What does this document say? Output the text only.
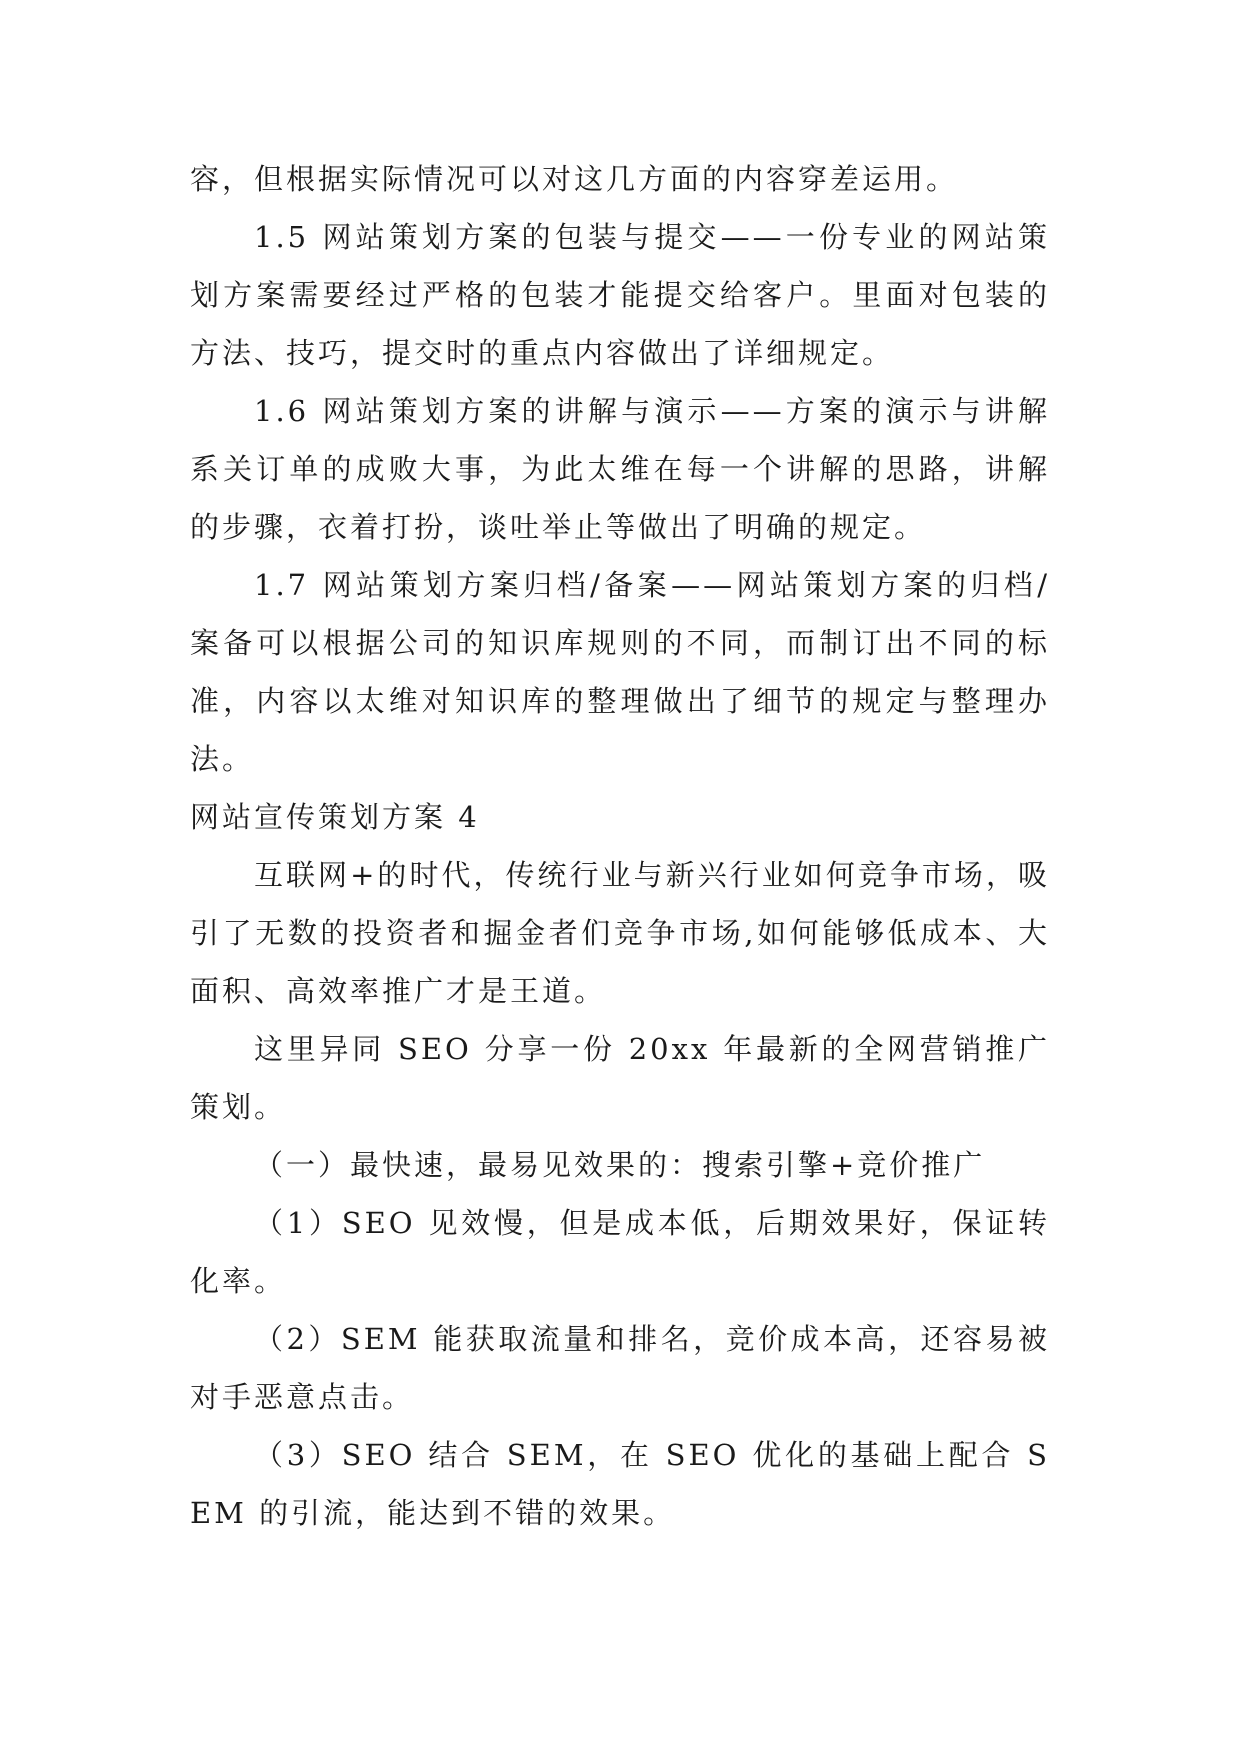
容，但根据实际情况可以对这几方面的内容穿差运用。

1.5 网站策划方案的包装与提交——一份专业的网站策划方案需要经过严格的包装才能提交给客户。里面对包装的方法、技巧，提交时的重点内容做出了详细规定。

1.6 网站策划方案的讲解与演示——方案的演示与讲解系关订单的成败大事，为此太维在每一个讲解的思路，讲解的步骤，衣着打扮，谈吐举止等做出了明确的规定。

1.7 网站策划方案归档/备案——网站策划方案的归档/案备可以根据公司的知识库规则的不同，而制订出不同的标准，内容以太维对知识库的整理做出了细节的规定与整理办法。

网站宣传策划方案 4

互联网+的时代，传统行业与新兴行业如何竞争市场，吸引了无数的投资者和掘金者们竞争市场,如何能够低成本、大面积、高效率推广才是王道。

这里异同 SEO 分享一份 20xx 年最新的全网营销推广策划。

（一）最快速，最易见效果的：搜索引擎+竞价推广

（1）SEO 见效慢，但是成本低，后期效果好，保证转化率。

（2）SEM 能获取流量和排名，竞价成本高，还容易被对手恶意点击。

（3）SEO 结合 SEM，在 SEO 优化的基础上配合 SEM 的引流，能达到不错的效果。
